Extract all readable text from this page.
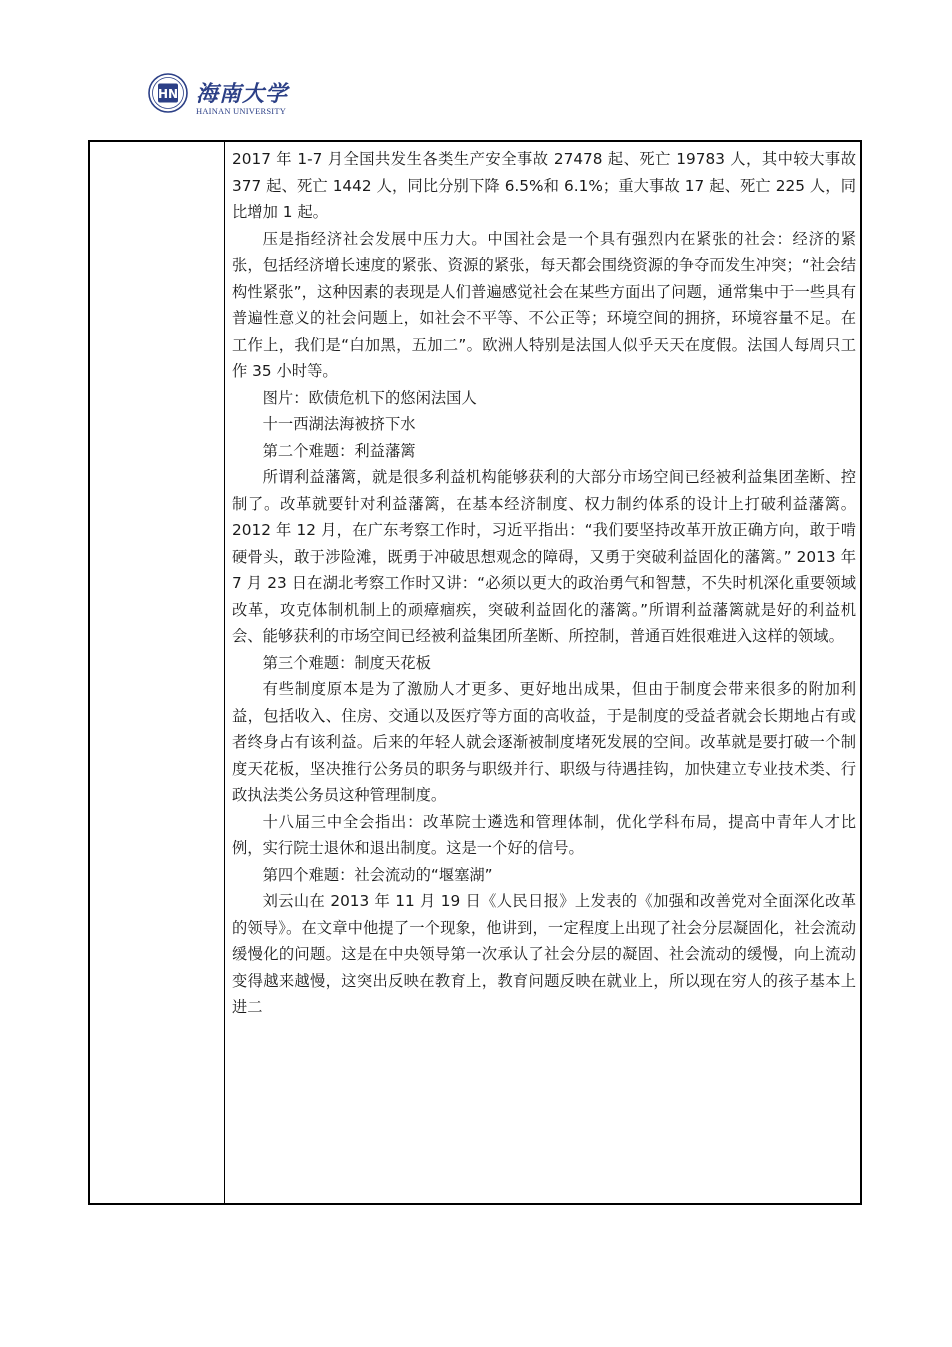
HN 海南大学
HAINAN UNIVERSITY

2017 年 1-7 月全国共发生各类生产安全事故 27478 起、死亡 19783 人，其中较大事故 377 起、死亡 1442 人，同比分别下降 6.5%和 6.1%；重大事故 17 起、死亡 225 人，同比增加 1 起。

压是指经济社会发展中压力大。中国社会是一个具有强烈内在紧张的社会：经济的紧张，包括经济增长速度的紧张、资源的紧张，每天都会围绕资源的争夺而发生冲突；“社会结构性紧张”，这种因素的表现是人们普遍感觉社会在某些方面出了问题，通常集中于一些具有普遍性意义的社会问题上，如社会不平等、不公正等；环境空间的拥挤，环境容量不足。在工作上，我们是“白加黑，五加二”。欧洲人特别是法国人似乎天天在度假。法国人每周只工作 35 小时等。

图片：欧债危机下的悠闲法国人

十一西湖法海被挤下水

第二个难题：利益藩篱

所谓利益藩篱，就是很多利益机构能够获利的大部分市场空间已经被利益集团垄断、控制了。改革就要针对利益藩篱，在基本经济制度、权力制约体系的设计上打破利益藩篱。2012 年 12 月，在广东考察工作时，习近平指出：“我们要坚持改革开放正确方向，敢于啃硬骨头，敢于涉险滩，既勇于冲破思想观念的障碍，又勇于突破利益固化的藩篱。” 2013 年 7 月 23 日在湖北考察工作时又讲：“必须以更大的政治勇气和智慧，不失时机深化重要领域改革，攻克体制机制上的顽瘴痼疾，突破利益固化的藩篱。”所谓利益藩篱就是好的利益机会、能够获利的市场空间已经被利益集团所垄断、所控制，普通百姓很难进入这样的领域。

第三个难题：制度天花板

有些制度原本是为了激励人才更多、更好地出成果，但由于制度会带来很多的附加利益，包括收入、住房、交通以及医疗等方面的高收益，于是制度的受益者就会长期地占有或者终身占有该利益。后来的年轻人就会逐渐被制度堵死发展的空间。改革就是要打破一个制度天花板，坚决推行公务员的职务与职级并行、职级与待遇挂钩，加快建立专业技术类、行政执法类公务员这种管理制度。

十八届三中全会指出：改革院士遴选和管理体制，优化学科布局，提高中青年人才比例，实行院士退休和退出制度。这是一个好的信号。

第四个难题：社会流动的“堰塞湖”

刘云山在 2013 年 11 月 19 日《人民日报》上发表的《加强和改善党对全面深化改革的领导》。在文章中他提了一个现象，他讲到，一定程度上出现了社会分层凝固化，社会流动缓慢化的问题。这是在中央领导第一次承认了社会分层的凝固、社会流动的缓慢，向上流动变得越来越慢，这突出反映在教育上，教育问题反映在就业上，所以现在穷人的孩子基本上进二
